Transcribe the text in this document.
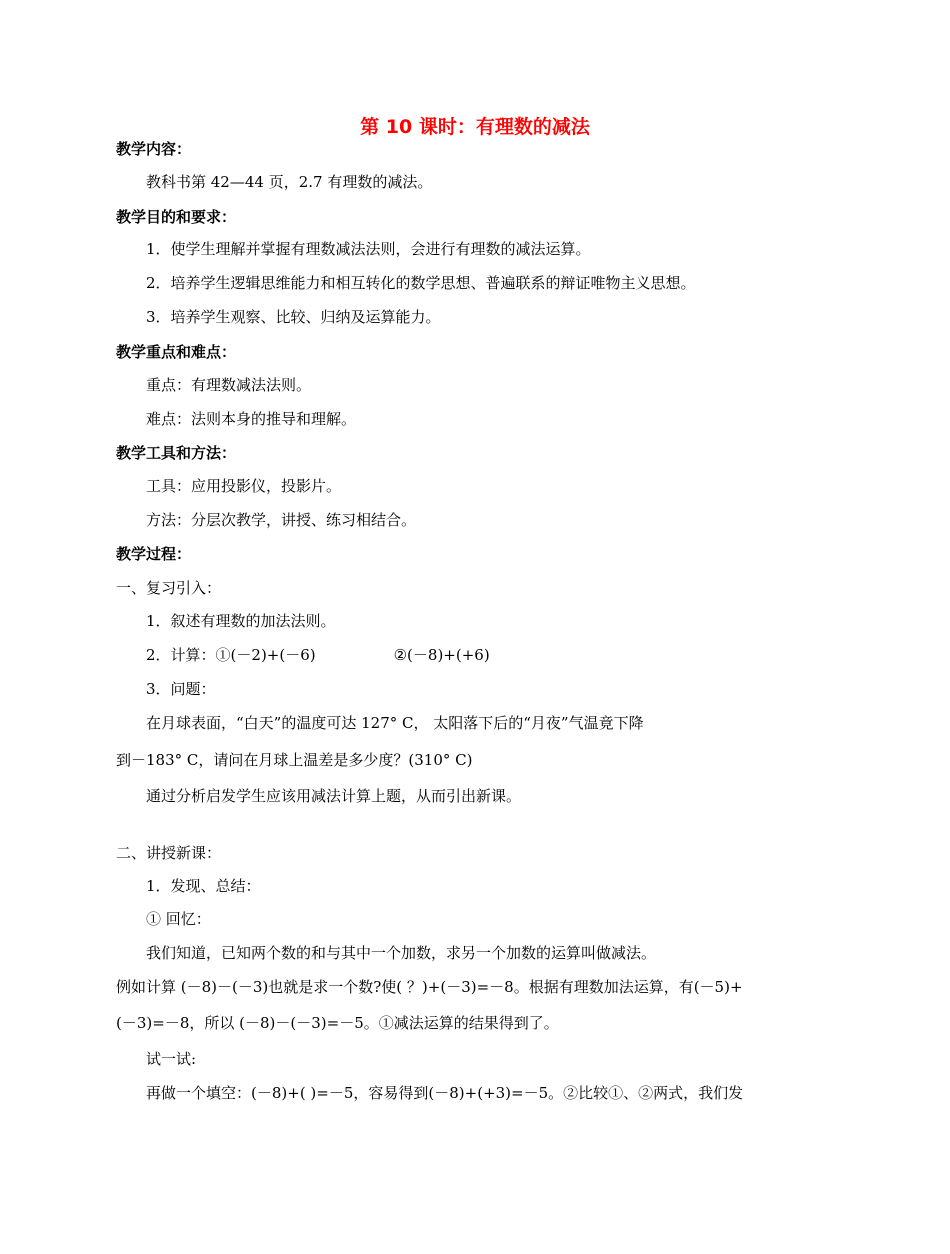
第 10 课时：有理数的减法
教学内容：
教科书第 42—44 页，2.7 有理数的减法。
教学目的和要求：
1．使学生理解并掌握有理数减法法则，会进行有理数的减法运算。
2．培养学生逻辑思维能力和相互转化的数学思想、普遍联系的辩证唯物主义思想。
3．培养学生观察、比较、归纳及运算能力。
教学重点和难点：
重点：有理数减法法则。
难点：法则本身的推导和理解。
教学工具和方法：
工具：应用投影仪，投影片。
方法：分层次教学，讲授、练习相结合。
教学过程：
一、复习引入：
1．叙述有理数的加法法则。
2．计算：①(－2)+(－6)	②(－8)+(+6)
3．问题：
在月球表面，“白天”的温度可达 127° C， 太阳落下后的“月夜”气温竟下降
到－183° C，请问在月球上温差是多少度？(310° C)
通过分析启发学生应该用减法计算上题，从而引出新课。
二、讲授新课：
1．发现、总结：
① 回忆：
我们知道，已知两个数的和与其中一个加数，求另一个加数的运算叫做减法。
例如计算 (－8)－(－3)也就是求一个数?使( ？)+(－3)=－8。根据有理数加法运算，有(－5)+
(－3)=－8，所以 (－8)－(－3)=－5。①减法运算的结果得到了。
试一试:
再做一个填空：(－8)+( )=－5，容易得到(－8)+(+3)=－5。②比较①、②两式，我们发
